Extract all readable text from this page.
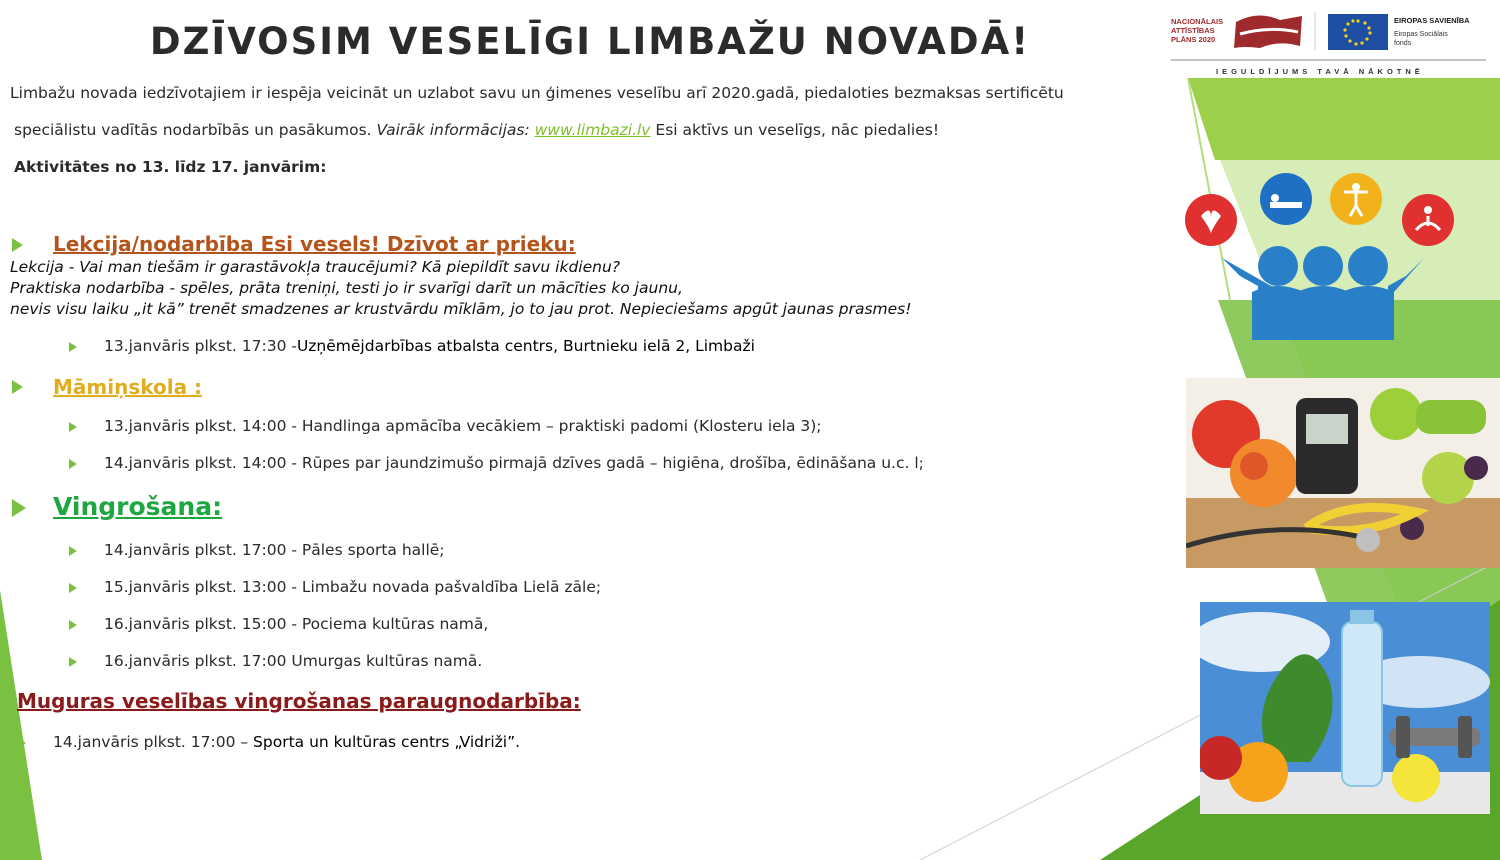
DZĪVOSIM VESELĪGI LIMBAŽU NOVADĀ!
Limbažu novada iedzīvotajiem ir iespēja veicināt un uzlabot savu un ģimenes veselību arī 2020.gadā, piedaloties bezmaksas sertificētu
speciālistu vadītās nodarbībās un pasākumos. Vairāk informācijas: www.limbazi.lv Esi aktīvs un veselīgs, nāc piedalies!
Aktivitātes no 13. līdz 17. janvārim:
Lekcija/nodarbība Esi vesels! Dzīvot ar prieku:
Lekcija - Vai man tiešām ir garastāvokļa traucējumi? Kā piepildīt savu ikdienu?
Praktiska nodarbība - spēles, prāta treniņi, testi jo ir svarīgi darīt un mācīties ko jaunu,
nevis visu laiku „it kā” trenēt smadzenes ar krustvārdu mīklām, jo to jau prot. Nepieciešams apgūt jaunas prasmes!
13.janvāris plkst. 17:30 -Uzņēmējdarbības atbalsta centrs, Burtnieku ielā 2, Limbaži
Māmiņskola :
13.janvāris plkst. 14:00 - Handlinga apmācība vecākiem – praktiski padomi (Klosteru iela 3);
14.janvāris plkst. 14:00 - Rūpes par jaundzimušo pirmajā dzīves gadā – higiēna, drošība, ēdināšana u.c. l;
Vingrošana:
14.janvāris plkst. 17:00 - Pāles sporta hallē;
15.janvāris plkst. 13:00 - Limbažu novada pašvaldība Lielā zāle;
16.janvāris plkst. 15:00 - Pociema kultūras namā,
16.janvāris plkst. 17:00 Umurgas kultūras namā.
Muguras veselības vingrošanas paraugnodarbība:
14.janvāris plkst. 17:00 – Sporta un kultūras centrs „Vidriži”.
NACIONĀLAIS
ATTĪSTĪBAS
PLĀNS 2020
EIROPAS SAVIENĪBA
Eiropas Sociālais
fonds
IEGULDĪJUMS TAVĀ NĀKOTNĒ
